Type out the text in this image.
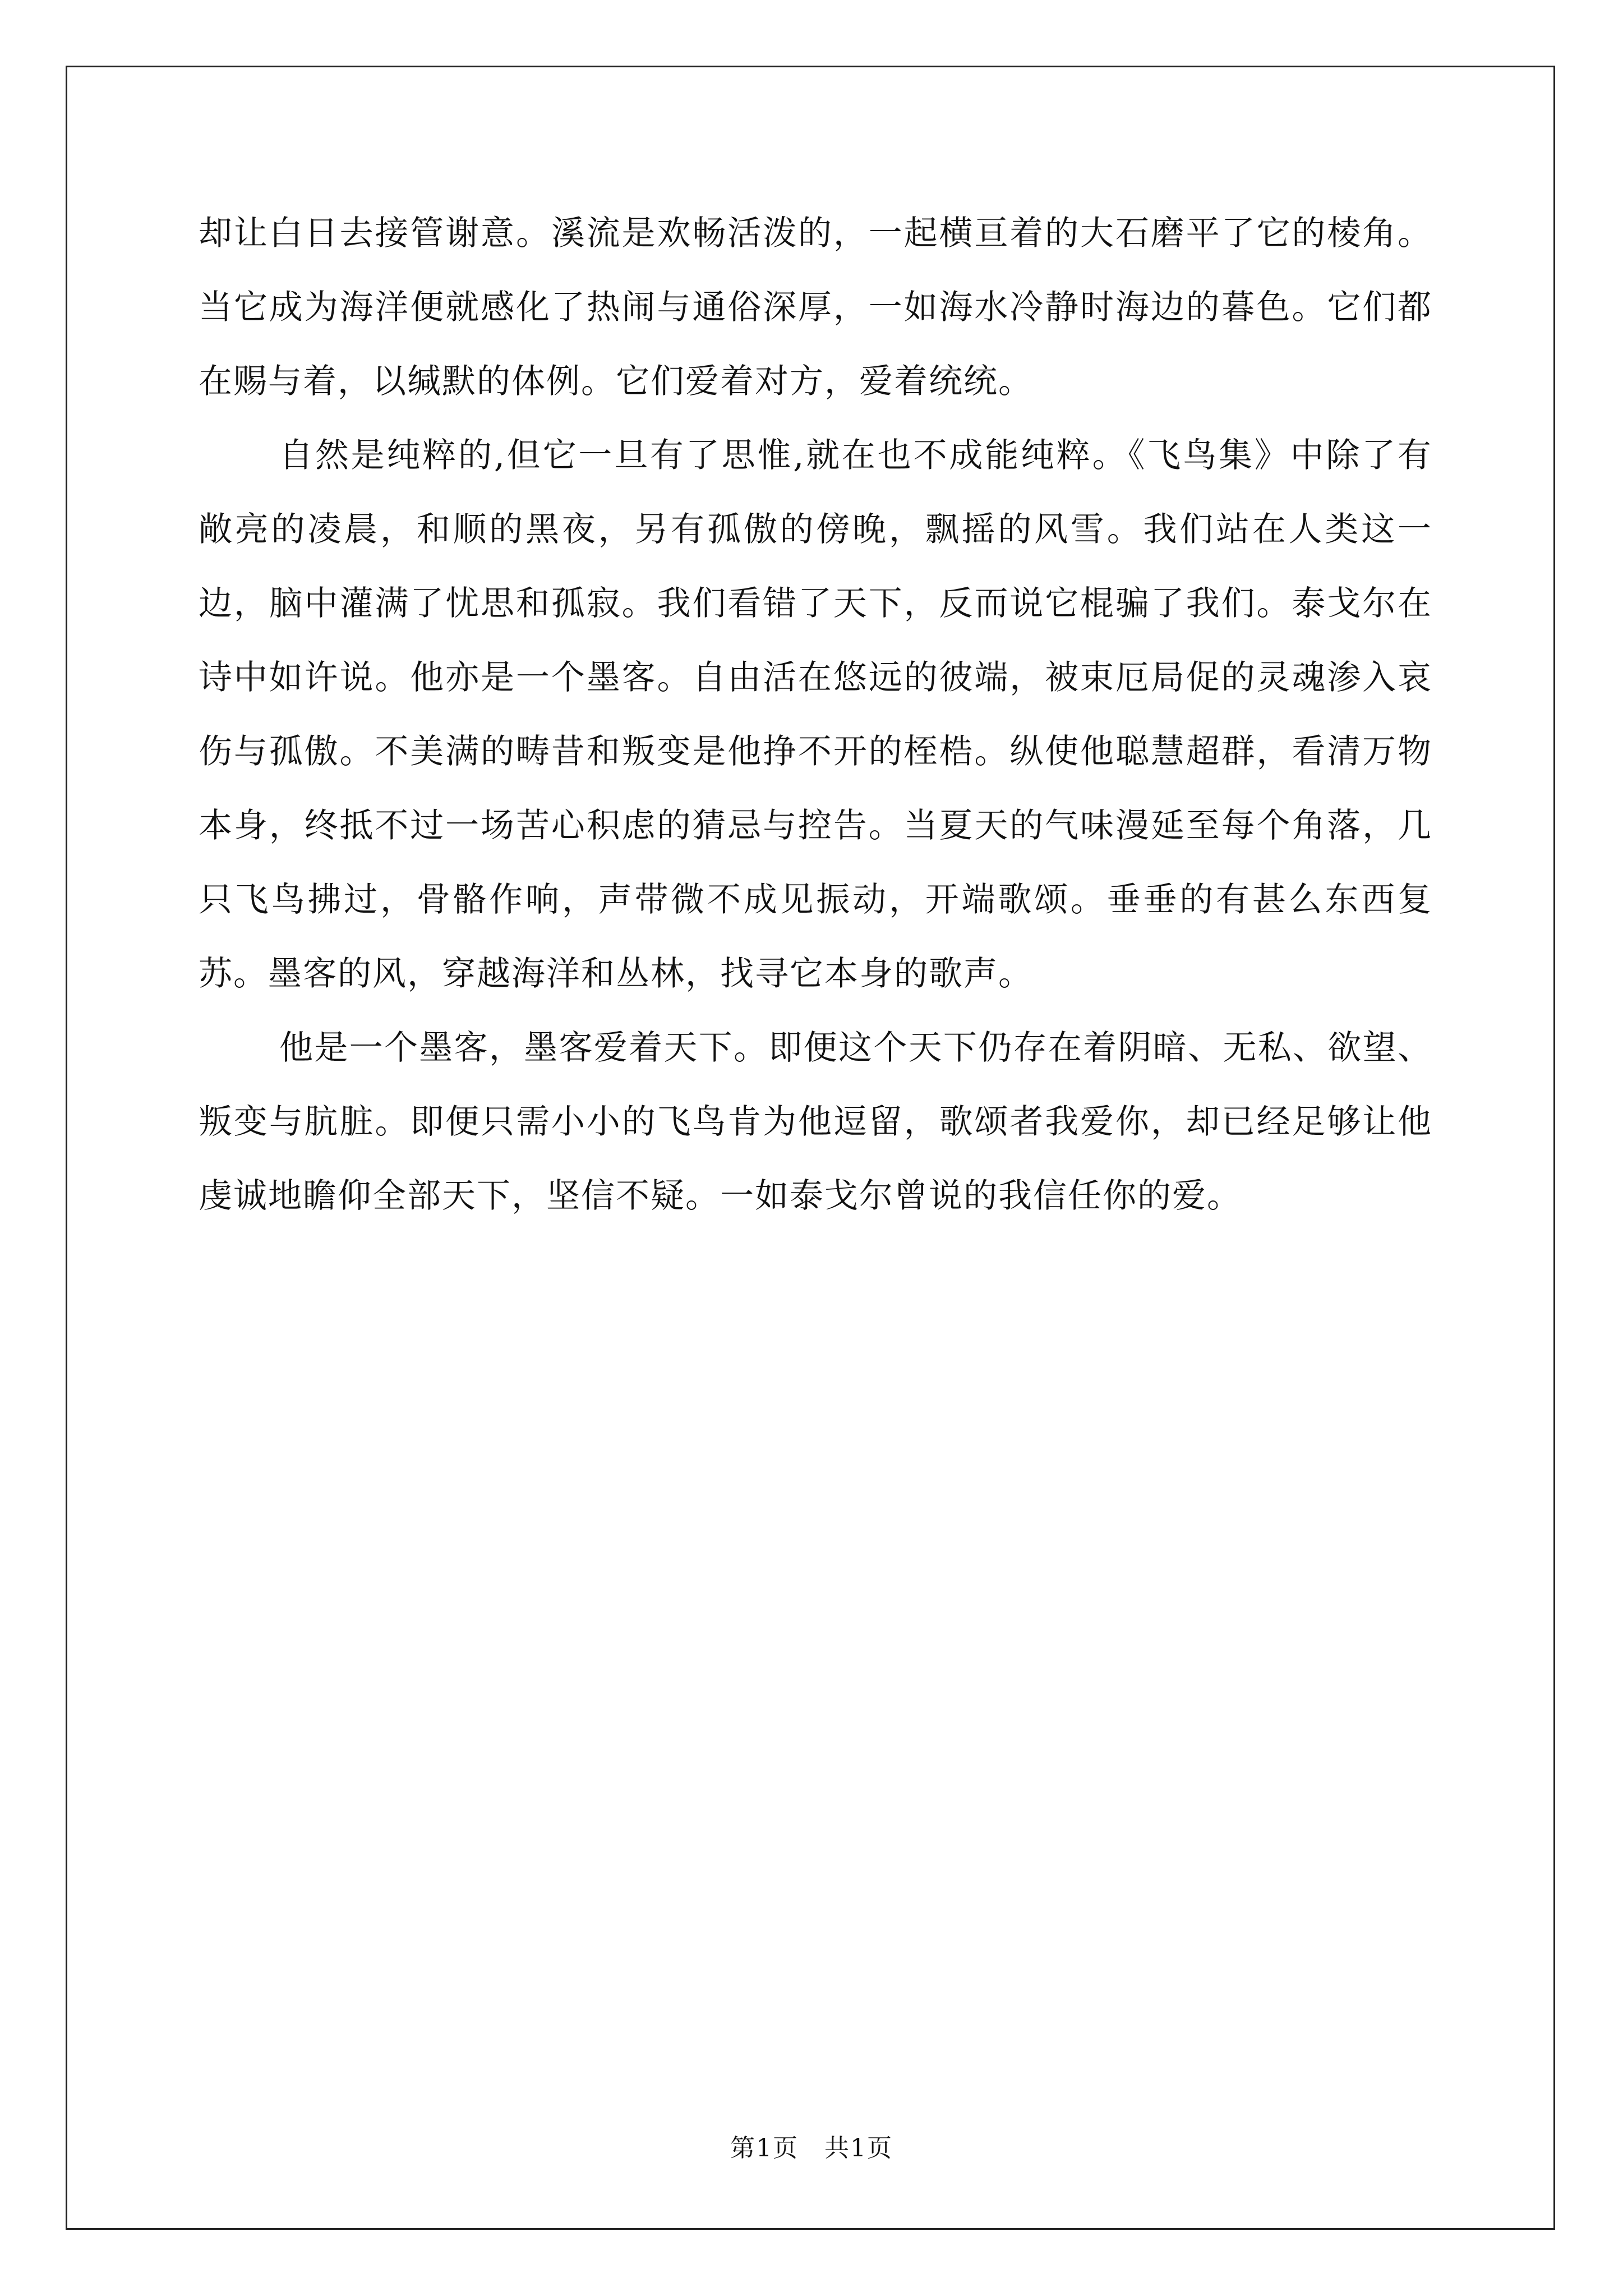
却让白日去接管谢意。溪流是欢畅活泼的，一起横亘着的大石磨平了它的棱角。当它成为海洋便就感化了热闹与通俗深厚，一如海水冷静时海边的暮色。它们都在赐与着，以缄默的体例。它们爱着对方，爱着统统。

自然是纯粹的,但它一旦有了思惟,就在也不成能纯粹。《飞鸟集》中除了有敞亮的凌晨，和顺的黑夜，另有孤傲的傍晚，飘摇的风雪。我们站在人类这一边，脑中灌满了忧思和孤寂。我们看错了天下，反而说它棍骗了我们。泰戈尔在诗中如许说。他亦是一个墨客。自由活在悠远的彼端，被束厄局促的灵魂渗入哀伤与孤傲。不美满的畴昔和叛变是他挣不开的桎梏。纵使他聪慧超群，看清万物本身，终抵不过一场苦心积虑的猜忌与控告。当夏天的气味漫延至每个角落，几只飞鸟拂过，骨骼作响，声带微不成见振动，开端歌颂。垂垂的有甚么东西复苏。墨客的风，穿越海洋和丛林，找寻它本身的歌声。

他是一个墨客，墨客爱着天下。即便这个天下仍存在着阴暗、无私、欲望、叛变与肮脏。即便只需小小的飞鸟肯为他逗留，歌颂者我爱你，却已经足够让他虔诚地瞻仰全部天下，坚信不疑。一如泰戈尔曾说的我信任你的爱。

第1页 共1页
